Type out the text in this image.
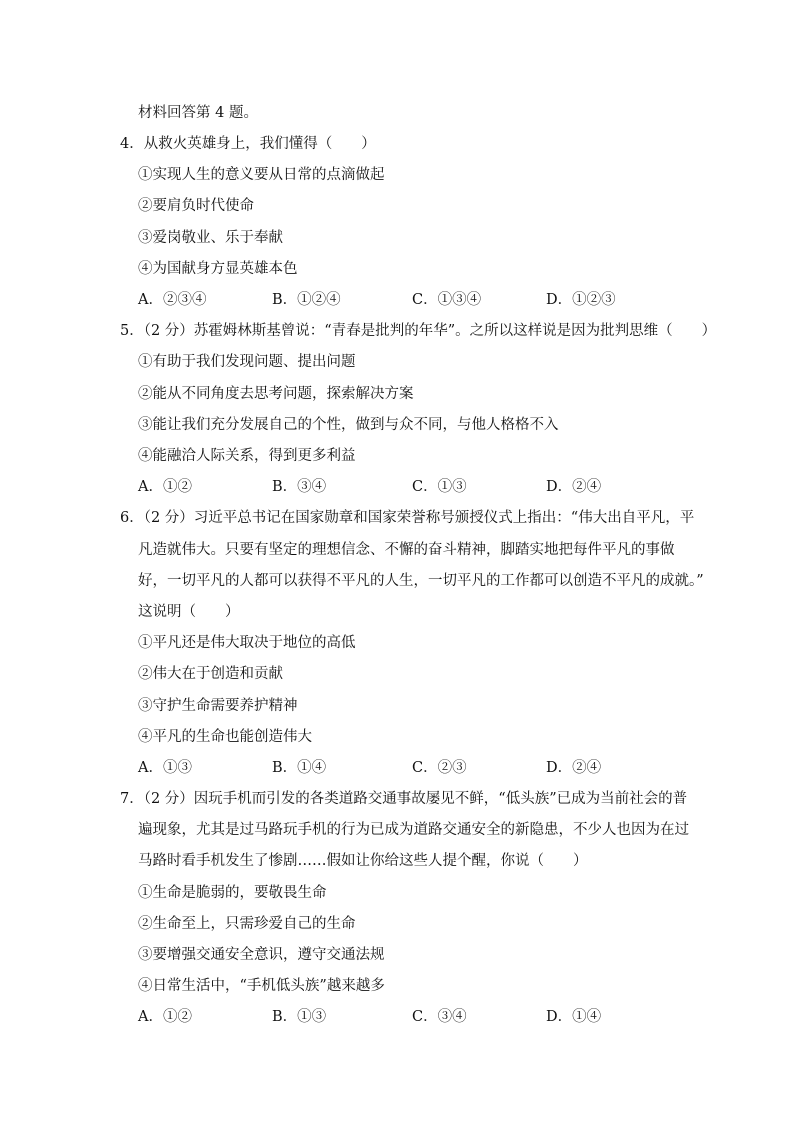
材料回答第 4 题。
4．从救火英雄身上，我们懂得（　　）
①实现人生的意义要从日常的点滴做起
②要肩负时代使命
③爱岗敬业、乐于奉献
④为国献身方显英雄本色
A．②③④	B．①②④	C．①③④	D．①②③
5．（2 分）苏霍姆林斯基曾说：“青春是批判的年华”。之所以这样说是因为批判思维（　　）
①有助于我们发现问题、提出问题
②能从不同角度去思考问题，探索解决方案
③能让我们充分发展自己的个性，做到与众不同，与他人格格不入
④能融洽人际关系，得到更多利益
A．①②	B．③④	C．①③	D．②④
6．（2 分）习近平总书记在国家勋章和国家荣誉称号颁授仪式上指出：“伟大出自平凡，平
凡造就伟大。只要有坚定的理想信念、不懈的奋斗精神，脚踏实地把每件平凡的事做
好，一切平凡的人都可以获得不平凡的人生，一切平凡的工作都可以创造不平凡的成就。”
这说明（　　）
①平凡还是伟大取决于地位的高低
②伟大在于创造和贡献
③守护生命需要养护精神
④平凡的生命也能创造伟大
A．①③	B．①④	C．②③	D．②④
7．（2 分）因玩手机而引发的各类道路交通事故屡见不鲜，“低头族”已成为当前社会的普
遍现象，尤其是过马路玩手机的行为已成为道路交通安全的新隐患，不少人也因为在过
马路时看手机发生了惨剧……假如让你给这些人提个醒，你说（　　）
①生命是脆弱的，要敬畏生命
②生命至上，只需珍爱自己的生命
③要增强交通安全意识，遵守交通法规
④日常生活中，“手机低头族”越来越多
A．①②	B．①③	C．③④	D．①④
